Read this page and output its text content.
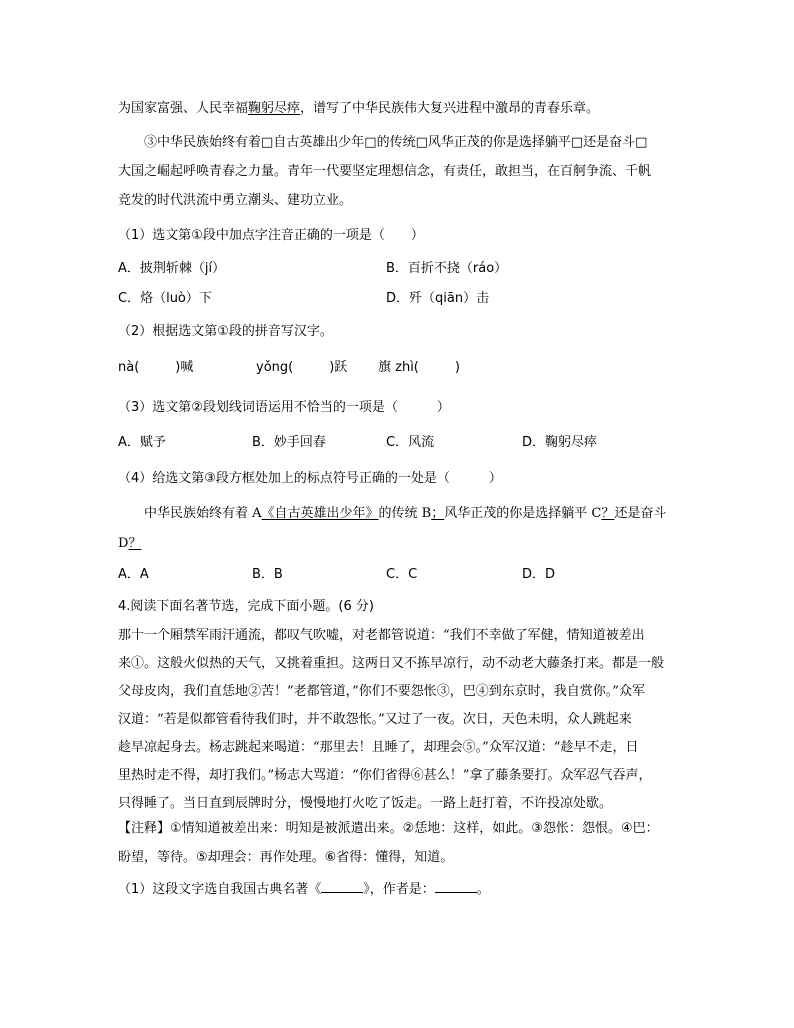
为国家富强、人民幸福鞠躬尽瘁，谱写了中华民族伟大复兴进程中激昂的青春乐章。
③中华民族始终有着□自古英雄出少年□的传统□风华正茂的你是选择躺平□还是奋斗□
大国之崛起呼唤青春之力量。青年一代要坚定理想信念，有责任，敢担当，在百舸争流、千帆
竞发的时代洪流中勇立潮头、建功立业。
（1）选文第①段中加点字注音正确的一项是（　　）
A．披荆斩棘（jí）	B．百折不挠（ráo）
C．烙（luò）下	D．歼（qiān）击
（2）根据选文第①段的拼音写汉字。
nà(	)喊	yǒng(	)跃 旗 zhì(	)
（3）选文第②段划线词语运用不恰当的一项是（　　　）
A．赋予	B．妙手回春	C．风流	D．鞠躬尽瘁
（4）给选文第③段方框处加上的标点符号正确的一处是（　　　）
中华民族始终有着 A《自古英雄出少年》的传统 B；风华正茂的你是选择躺平 C？还是奋斗
D？
A．A	B．B	C．C	D．D
4.阅读下面名著节选，完成下面小题。(6 分)
那十一个厢禁军雨汗通流，都叹气吹嘘，对老都管说道：“我们不幸做了军健，情知道被差出
来①。这般火似热的天气，又挑着重担。这两日又不拣早凉行，动不动老大藤条打来。都是一般
父母皮肉，我们直恁地②苦！”老都管道，”你们不要怨怅③，巴④到东京时，我自赏你。”众军
汉道：“若是似都管看待我们时，并不敢怨怅。”又过了一夜。次日，天色未明，众人跳起来
趁早凉起身去。杨志跳起来喝道：“那里去！且睡了，却理会⑤。”众军汉道：“趁早不走，日
里热时走不得，却打我们。”杨志大骂道：“你们省得⑥甚么！”拿了藤条要打。众军忍气吞声，
只得睡了。当日直到辰牌时分，慢慢地打火吃了饭走。一路上赶打着，不许投凉处歇。
【注释】①情知道被差出来：明知是被派遣出来。②恁地：这样，如此。③怨怅：怨恨。④巴：
盼望，等待。⑤却理会：再作处理。⑥省得：懂得，知道。
（1）这段文字选自我国古典名著《	》，作者是：	。
